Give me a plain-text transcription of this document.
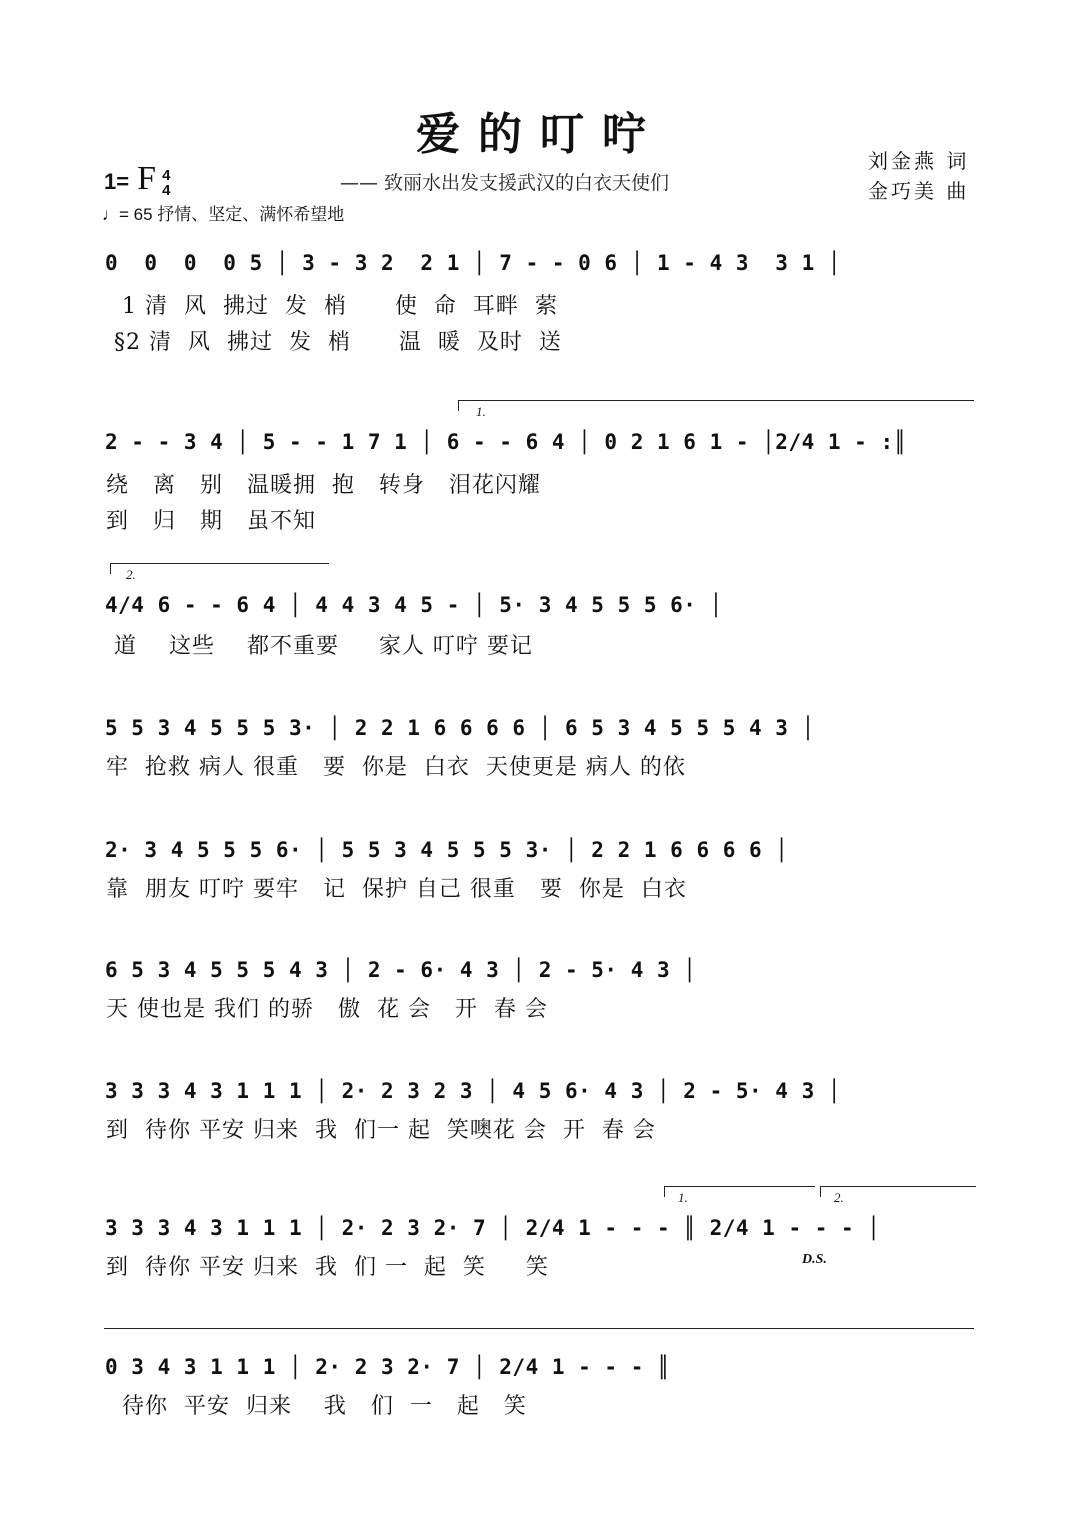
爱的叮咛
1= F 4
4
♩= 65 抒情、坚定、满怀希望地
—— 致丽水出发支援武汉的白衣天使们
刘金燕 词
金巧美 曲
0  0  0  0 5 │ 3 - 3 2  2 1 │ 7 - - 0 6 │ 1 - 4 3  3 1 │
1 清  风  拂过  发  梢      使  命  耳畔  萦
§2 清  风  拂过  发  梢      温  暖  及时  送
1.
2 - - 3 4 │ 5 - - 1 7 1 │ 6 - - 6 4 │ 0 2 1 6 1 - │2/4 1 - :║
绕   离   别   温暖拥  抱   转身   泪花闪耀
到   归   期   虽不知
2.
4/4 6 - - 6 4 │ 4 4 3 4 5 - │ 5· 3 4 5 5 5 6· │
道    这些    都不重要     家人 叮咛 要记
5 5 3 4 5 5 5 3· │ 2 2 1 6 6 6 6 │ 6 5 3 4 5 5 5 4 3 │
牢  抢救 病人 很重   要  你是  白衣  天使更是 病人 的依
2· 3 4 5 5 5 6· │ 5 5 3 4 5 5 5 3· │ 2 2 1 6 6 6 6 │
靠  朋友 叮咛 要牢   记  保护 自己 很重   要  你是  白衣
6 5 3 4 5 5 5 4 3 │ 2 - 6· 4 3 │ 2 - 5· 4 3 │
天 使也是 我们 的骄   傲  花 会   开  春 会
3 3 3 4 3 1 1 1 │ 2· 2 3 2 3 │ 4 5 6· 4 3 │ 2 - 5· 4 3 │
到  待你 平安 归来  我  们一 起  笑噢花 会  开  春 会
1.	2.
3 3 3 4 3 1 1 1 │ 2· 2 3 2· 7 │ 2/4 1 - - - ║ 2/4 1 - - - │
到  待你 平安 归来  我  们 一  起  笑     笑	D.S.
0 3 4 3 1 1 1 │ 2· 2 3 2· 7 │ 2/4 1 - - - ║
待你  平安  归来    我   们  一   起   笑
